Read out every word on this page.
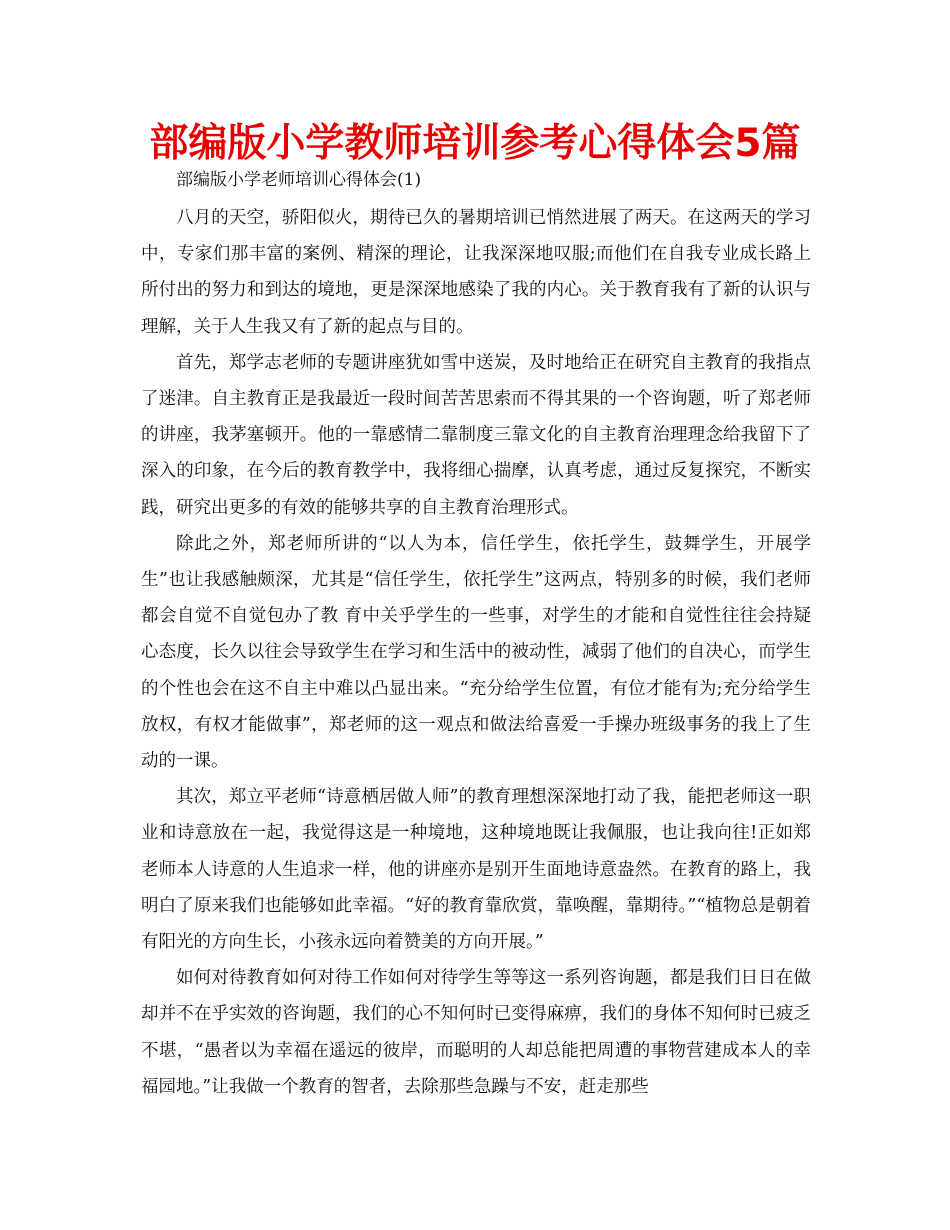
部编版小学教师培训参考心得体会5篇
部编版小学老师培训心得体会(1)

八月的天空，骄阳似火，期待已久的暑期培训已悄然进展了两天。在这两天的学习中，专家们那丰富的案例、精深的理论，让我深深地叹服;而他们在自我专业成长路上所付出的努力和到达的境地，更是深深地感染了我的内心。关于教育我有了新的认识与理解，关于人生我又有了新的起点与目的。

首先，郑学志老师的专题讲座犹如雪中送炭，及时地给正在研究自主教育的我指点了迷津。自主教育正是我最近一段时间苦苦思索而不得其果的一个咨询题，听了郑老师的讲座，我茅塞顿开。他的一靠感情二靠制度三靠文化的自主教育治理理念给我留下了深入的印象，在今后的教育教学中，我将细心揣摩，认真考虑，通过反复探究，不断实践，研究出更多的有效的能够共享的自主教育治理形式。

除此之外，郑老师所讲的“以人为本，信任学生，依托学生，鼓舞学生，开展学生”也让我感触颇深，尤其是“信任学生，依托学生”这两点，特别多的时候，我们老师都会自觉不自觉包办了教 育中关乎学生的一些事，对学生的才能和自觉性往往会持疑心态度，长久以往会导致学生在学习和生活中的被动性，减弱了他们的自决心，而学生的个性也会在这不自主中难以凸显出来。“充分给学生位置，有位才能有为;充分给学生放权，有权才能做事”，郑老师的这一观点和做法给喜爱一手操办班级事务的我上了生动的一课。

其次，郑立平老师“诗意栖居做人师”的教育理想深深地打动了我，能把老师这一职业和诗意放在一起，我觉得这是一种境地，这种境地既让我佩服，也让我向往!正如郑老师本人诗意的人生追求一样，他的讲座亦是别开生面地诗意盎然。在教育的路上，我明白了原来我们也能够如此幸福。“好的教育靠欣赏，靠唤醒，靠期待。”“植物总是朝着有阳光的方向生长，小孩永远向着赞美的方向开展。”

如何对待教育如何对待工作如何对待学生等等这一系列咨询题，都是我们日日在做却并不在乎实效的咨询题，我们的心不知何时已变得麻痹，我们的身体不知何时已疲乏不堪，“愚者以为幸福在遥远的彼岸，而聪明的人却总能把周遭的事物营建成本人的幸福园地。”让我做一个教育的智者，去除那些急躁与不安，赶走那些
